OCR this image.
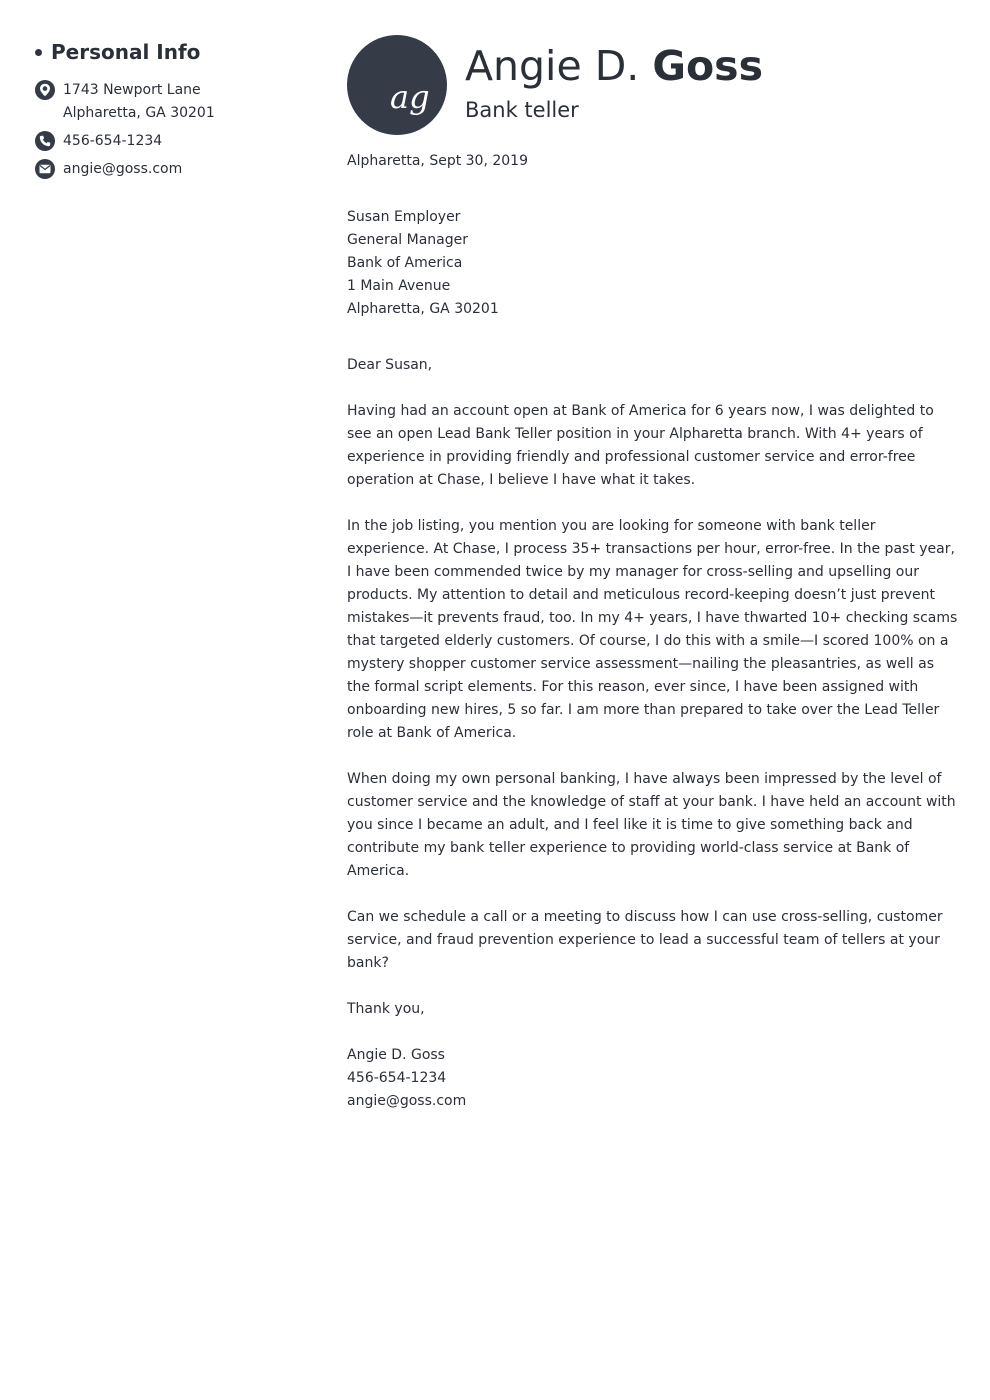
Personal Info
1743 Newport Lane
Alpharetta, GA 30201
456-654-1234
angie@goss.com
ag
Angie D. Goss
Bank teller

Alpharetta, Sept 30, 2019

Susan Employer
General Manager
Bank of America
1 Main Avenue
Alpharetta, GA 30201

Dear Susan,

Having had an account open at Bank of America for 6 years now, I was delighted to see an open Lead Bank Teller position in your Alpharetta branch. With 4+ years of experience in providing friendly and professional customer service and error-free operation at Chase, I believe I have what it takes.

In the job listing, you mention you are looking for someone with bank teller experience. At Chase, I process 35+ transactions per hour, error-free. In the past year, I have been commended twice by my manager for cross-selling and upselling our products. My attention to detail and meticulous record-keeping doesn’t just prevent mistakes—it prevents fraud, too. In my 4+ years, I have thwarted 10+ checking scams that targeted elderly customers. Of course, I do this with a smile—I scored 100% on a mystery shopper customer service assessment—nailing the pleasantries, as well as the formal script elements. For this reason, ever since, I have been assigned with onboarding new hires, 5 so far. I am more than prepared to take over the Lead Teller role at Bank of America.

When doing my own personal banking, I have always been impressed by the level of customer service and the knowledge of staff at your bank. I have held an account with you since I became an adult, and I feel like it is time to give something back and contribute my bank teller experience to providing world-class service at Bank of America.

Can we schedule a call or a meeting to discuss how I can use cross-selling, customer service, and fraud prevention experience to lead a successful team of tellers at your bank?

Thank you,

Angie D. Goss
456-654-1234
angie@goss.com
